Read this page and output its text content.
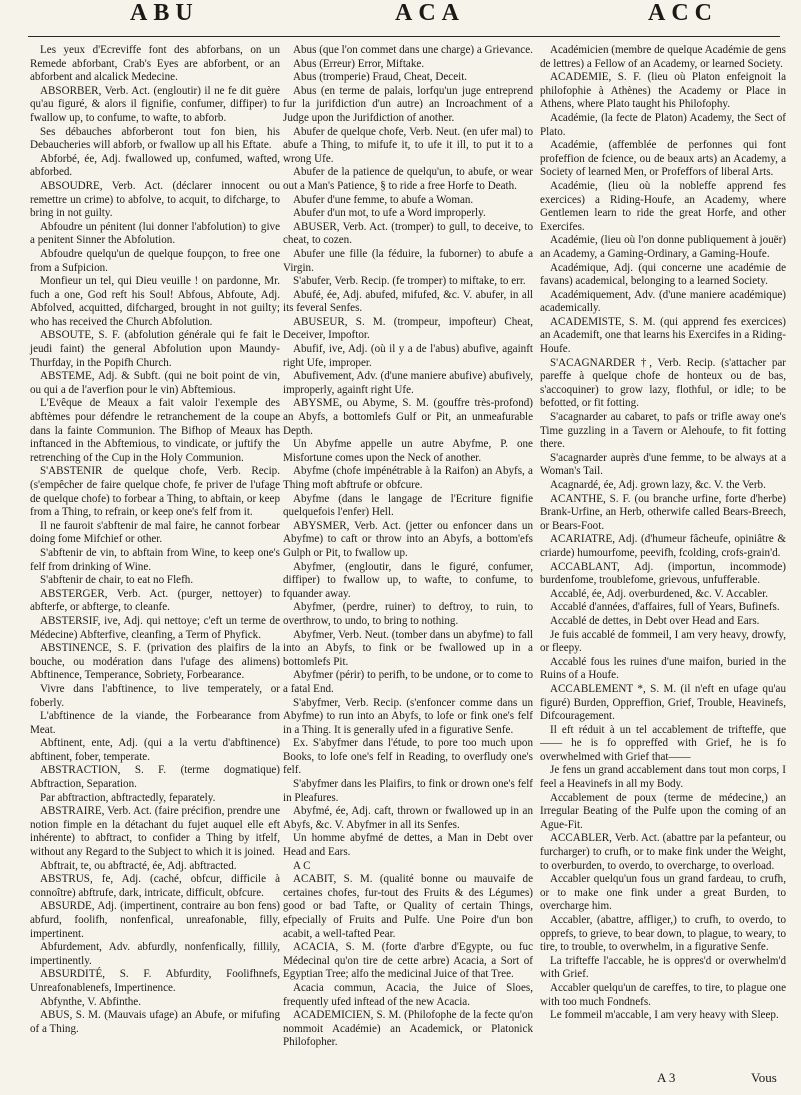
ABU	ACA	ACC

Les yeux d'Ecreviffe font des abforbans, on un Remede abforbant, Crab's Eyes are abforbent, or an abforbent and alcalick Medecine.

ABSORBER, Verb. Act. (engloutir) il ne fe dit guère qu'au figuré, & alors il fignifie, confumer, diffiper) to fwallow up, to confume, to wafte, to abforb.

Ses débauches abforberont tout fon bien, his Debaucheries will abforb, or fwallow up all his Eftate.

Abforbé, ée, Adj. fwallowed up, confumed, wafted, abforbed.

ABSOUDRE, Verb. Act. (déclarer innocent ou remettre un crime) to abfolve, to acquit, to difcharge, to bring in not guilty.

Abfoudre un pénitent (lui donner l'abfolution) to give a penitent Sinner the Abfolution.

Abfoudre quelqu'un de quelque foupçon, to free one from a Sufpicion.

Monfieur un tel, qui Dieu veuille ! on pardonne, Mr. fuch a one, God reft his Soul! Abfous, Abfoute, Adj. Abfolved, acquitted, difcharged, brought in not guilty; who has received the Church Abfolution.

ABSOUTE, S. F. (abfolution générale qui fe fait le jeudi faint) the general Abfolution upon Maundy-Thurfday, in the Popifh Church.

ABSTEME, Adj. & Subft. (qui ne boit point de vin, ou qui a de l'averfion pour le vin) Abftemious.

L'Evêque de Meaux a fait valoir l'exemple des abftèmes pour défendre le retranchement de la coupe dans la fainte Communion. The Bifhop of Meaux has inftanced in the Abftemious, to vindicate, or juftify the retrenching of the Cup in the Holy Communion.

S'ABSTENIR de quelque chofe, Verb. Recip. (s'empêcher de faire quelque chofe, fe priver de l'ufage de quelque chofe) to forbear a Thing, to abftain, or keep from a Thing, to refrain, or keep one's felf from it.

Il ne fauroit s'abftenir de mal faire, he cannot forbear doing fome Mifchief or other.

S'abftenir de vin, to abftain from Wine, to keep one's felf from drinking of Wine.

S'abftenir de chair, to eat no Flefh.

ABSTERGER, Verb. Act. (purger, nettoyer) to abfterfe, or abfterge, to cleanfe.

ABSTERSIF, ive, Adj. qui nettoye; c'eft un terme de Médecine) Abfterfive, cleanfing, a Term of Phyfick.

ABSTINENCE, S. F. (privation des plaifirs de la bouche, ou modération dans l'ufage des alimens) Abftinence, Temperance, Sobriety, Forbearance.

Vivre dans l'abftinence, to live temperately, or foberly.

L'abftinence de la viande, the Forbearance from Meat.

Abftinent, ente, Adj. (qui a la vertu d'abftinence) abftinent, fober, temperate.

ABSTRACTION, S. F. (terme dogmatique) Abftraction, Separation.

Par abftraction, abftractedly, feparately.

ABSTRAIRE, Verb. Act. (faire précifion, prendre une notion fimple en la détachant du fujet auquel elle eft inhérente) to abftract, to confider a Thing by itfelf, without any Regard to the Subject to which it is joined.

Abftrait, te, ou abftracté, ée, Adj. abftracted.

ABSTRUS, fe, Adj. (caché, obfcur, difficile à connoître) abftrufe, dark, intricate, difficult, obfcure.

ABSURDE, Adj. (impertinent, contraire au bon fens) abfurd, foolifh, nonfenfical, unreafonable, filly, impertinent.

Abfurdement, Adv. abfurdly, nonfenfically, fillily, impertinently.

ABSURDITÉ, S. F. Abfurdity, Foolifhnefs, Unreafonablenefs, Impertinence.

Abfynthe, V. Abfinthe.

ABUS, S. M. (Mauvais ufage) an Abufe, or mifufing of a Thing.

Abus (que l'on commet dans une charge) a Grievance.

Abus (Erreur) Error, Miftake.

Abus (tromperie) Fraud, Cheat, Deceit.

Abus (en terme de palais, lorfqu'un juge entreprend fur la jurifdiction d'un autre) an Incroachment of a Judge upon the Jurifdiction of another.

Abufer de quelque chofe, Verb. Neut. (en ufer mal) to abufe a Thing, to mifufe it, to ufe it ill, to put it to a wrong Ufe.

Abufer de la patience de quelqu'un, to abufe, or wear out a Man's Patience, § to ride a free Horfe to Death.

Abufer d'une femme, to abufe a Woman.

Abufer d'un mot, to ufe a Word improperly.

ABUSER, Verb. Act. (tromper) to gull, to deceive, to cheat, to cozen.

Abufer une fille (la féduire, la fuborner) to abufe a Virgin.

S'abufer, Verb. Recip. (fe tromper) to miftake, to err.

Abufé, ée, Adj. abufed, mifufed, &c. V. abufer, in all its feveral Senfes.

ABUSEUR, S. M. (trompeur, impofteur) Cheat, Deceiver, Impoftor.

Abufif, ive, Adj. (où il y a de l'abus) abufive, againft right Ufe, improper.

Abufivement, Adv. (d'une maniere abufive) abufively, improperly, againft right Ufe.

ABYSME, ou Abyme, S. M. (gouffre très-profond) an Abyfs, a bottomlefs Gulf or Pit, an unmeafurable Depth.

Un Abyfme appelle un autre Abyfme, P. one Misfortune comes upon the Neck of another.

Abyfme (chofe impénétrable à la Raifon) an Abyfs, a Thing moft abftrufe or obfcure.

Abyfme (dans le langage de l'Ecriture fignifie quelquefois l'enfer) Hell.

ABYSMER, Verb. Act. (jetter ou enfoncer dans un Abyfme) to caft or throw into an Abyfs, a bottom'efs Gulph or Pit, to fwallow up.

Abyfmer, (engloutir, dans le figuré, confumer, diffiper) to fwallow up, to wafte, to confume, to fquander away.

Abyfmer, (perdre, ruiner) to deftroy, to ruin, to overthrow, to undo, to bring to nothing.

Abyfmer, Verb. Neut. (tomber dans un abyfme) to fall into an Abyfs, to fink or be fwallowed up in a bottomlefs Pit.

Abyfmer (périr) to perifh, to be undone, or to come to a fatal End.

S'abyfmer, Verb. Recip. (s'enfoncer comme dans un Abyfme) to run into an Abyfs, to lofe or fink one's felf in a Thing. It is generally ufed in a figurative Senfe.

Ex. S'abyfmer dans l'étude, to pore too much upon Books, to lofe one's felf in Reading, to overfludy one's felf.

S'abyfmer dans les Plaifirs, to fink or drown one's felf in Pleafures.

Abyfmé, ée, Adj. caft, thrown or fwallowed up in an Abyfs, &c. V. Abyfmer in all its Senfes.

Un homme abyfmé de dettes, a Man in Debt over Head and Ears.

A C

ACABIT, S. M. (qualité bonne ou mauvaife de certaines chofes, fur-tout des Fruits & des Légumes) good or bad Tafte, or Quality of certain Things, efpecially of Fruits and Pulfe. Une Poire d'un bon acabit, a well-tafted Pear.

ACACIA, S. M. (forte d'arbre d'Egypte, ou fuc Médecinal qu'on tire de cette arbre) Acacia, a Sort of Egyptian Tree; alfo the medicinal Juice of that Tree.

Acacia commun, Acacia, the Juice of Sloes, frequently ufed inftead of the new Acacia.

ACADEMICIEN, S. M. (Philofophe de la fecte qu'on nommoit Académie) an Academick, or Platonick Philofopher.

Académicien (membre de quelque Académie de gens de lettres) a Fellow of an Academy, or learned Society.

ACADEMIE, S. F. (lieu où Platon enfeignoit la philofophie à Athènes) the Academy or Place in Athens, where Plato taught his Philofophy.

Académie, (la fecte de Platon) Academy, the Sect of Plato.

Académie, (affemblée de perfonnes qui font profeffion de fcience, ou de beaux arts) an Academy, a Society of learned Men, or Profeffors of liberal Arts.

Académie, (lieu où la nobleffe apprend fes exercices) a Riding-Houfe, an Academy, where Gentlemen learn to ride the great Horfe, and other Exercifes.

Académie, (lieu où l'on donne publiquement à jouër) an Academy, a Gaming-Ordinary, a Gaming-Houfe.

Académique, Adj. (qui concerne une académie de favans) academical, belonging to a learned Society.

Académiquement, Adv. (d'une maniere académique) academically.

ACADEMISTE, S. M. (qui apprend fes exercices) an Academift, one that learns his Exercifes in a Riding-Houfe.

S'ACAGNARDER †, Verb. Recip. (s'attacher par pareffe à quelque chofe de honteux ou de bas, s'accoquiner) to grow lazy, flothful, or idle; to be befotted, or fit fotting.

S'acagnarder au cabaret, to pafs or trifle away one's Time guzzling in a Tavern or Alehoufe, to fit fotting there.

S'acagnarder auprès d'une femme, to be always at a Woman's Tail.

Acagnardé, ée, Adj. grown lazy, &c. V. the Verb.

ACANTHE, S. F. (ou branche urfine, forte d'herbe) Brank-Urfine, an Herb, otherwife called Bears-Breech, or Bears-Foot.

ACARIATRE, Adj. (d'humeur fâcheufe, opiniâtre & criarde) humourfome, peevifh, fcolding, crofs-grain'd.

ACCABLANT, Adj. (importun, incommode) burdenfome, troublefome, grievous, unfufferable.

Accablé, ée, Adj. overburdened, &c. V. Accabler.

Accablé d'années, d'affaires, full of Years, Bufinefs.

Accablé de dettes, in Debt over Head and Ears.

Je fuis accablé de fommeil, I am very heavy, drowfy, or fleepy.

Accablé fous les ruines d'une maifon, buried in the Ruins of a Houfe.

ACCABLEMENT *, S. M. (il n'eft en ufage qu'au figuré) Burden, Oppreffion, Grief, Trouble, Heavinefs, Difcouragement.

Il eft réduit à un tel accablement de trifteffe, que —— he is fo oppreffed with Grief, he is fo overwhelmed with Grief that——

Je fens un grand accablement dans tout mon corps, I feel a Heavinefs in all my Body.

Accablement de poux (terme de médecine,) an Irregular Beating of the Pulfe upon the coming of an Ague-Fit.

ACCABLER, Verb. Act. (abattre par la pefanteur, ou furcharger) to crufh, or to make fink under the Weight, to overburden, to overdo, to overcharge, to overload.

Accabler quelqu'un fous un grand fardeau, to crufh, or to make one fink under a great Burden, to overcharge him.

Accabler, (abattre, affliger,) to crufh, to overdo, to opprefs, to grieve, to bear down, to plague, to weary, to tire, to trouble, to overwhelm, in a figurative Senfe.

La trifteffe l'accable, he is oppres'd or overwhelm'd with Grief.

Accabler quelqu'un de careffes, to tire, to plague one with too much Fondnefs.

Le fommeil m'accable, I am very heavy with Sleep.

A 3	Vous
